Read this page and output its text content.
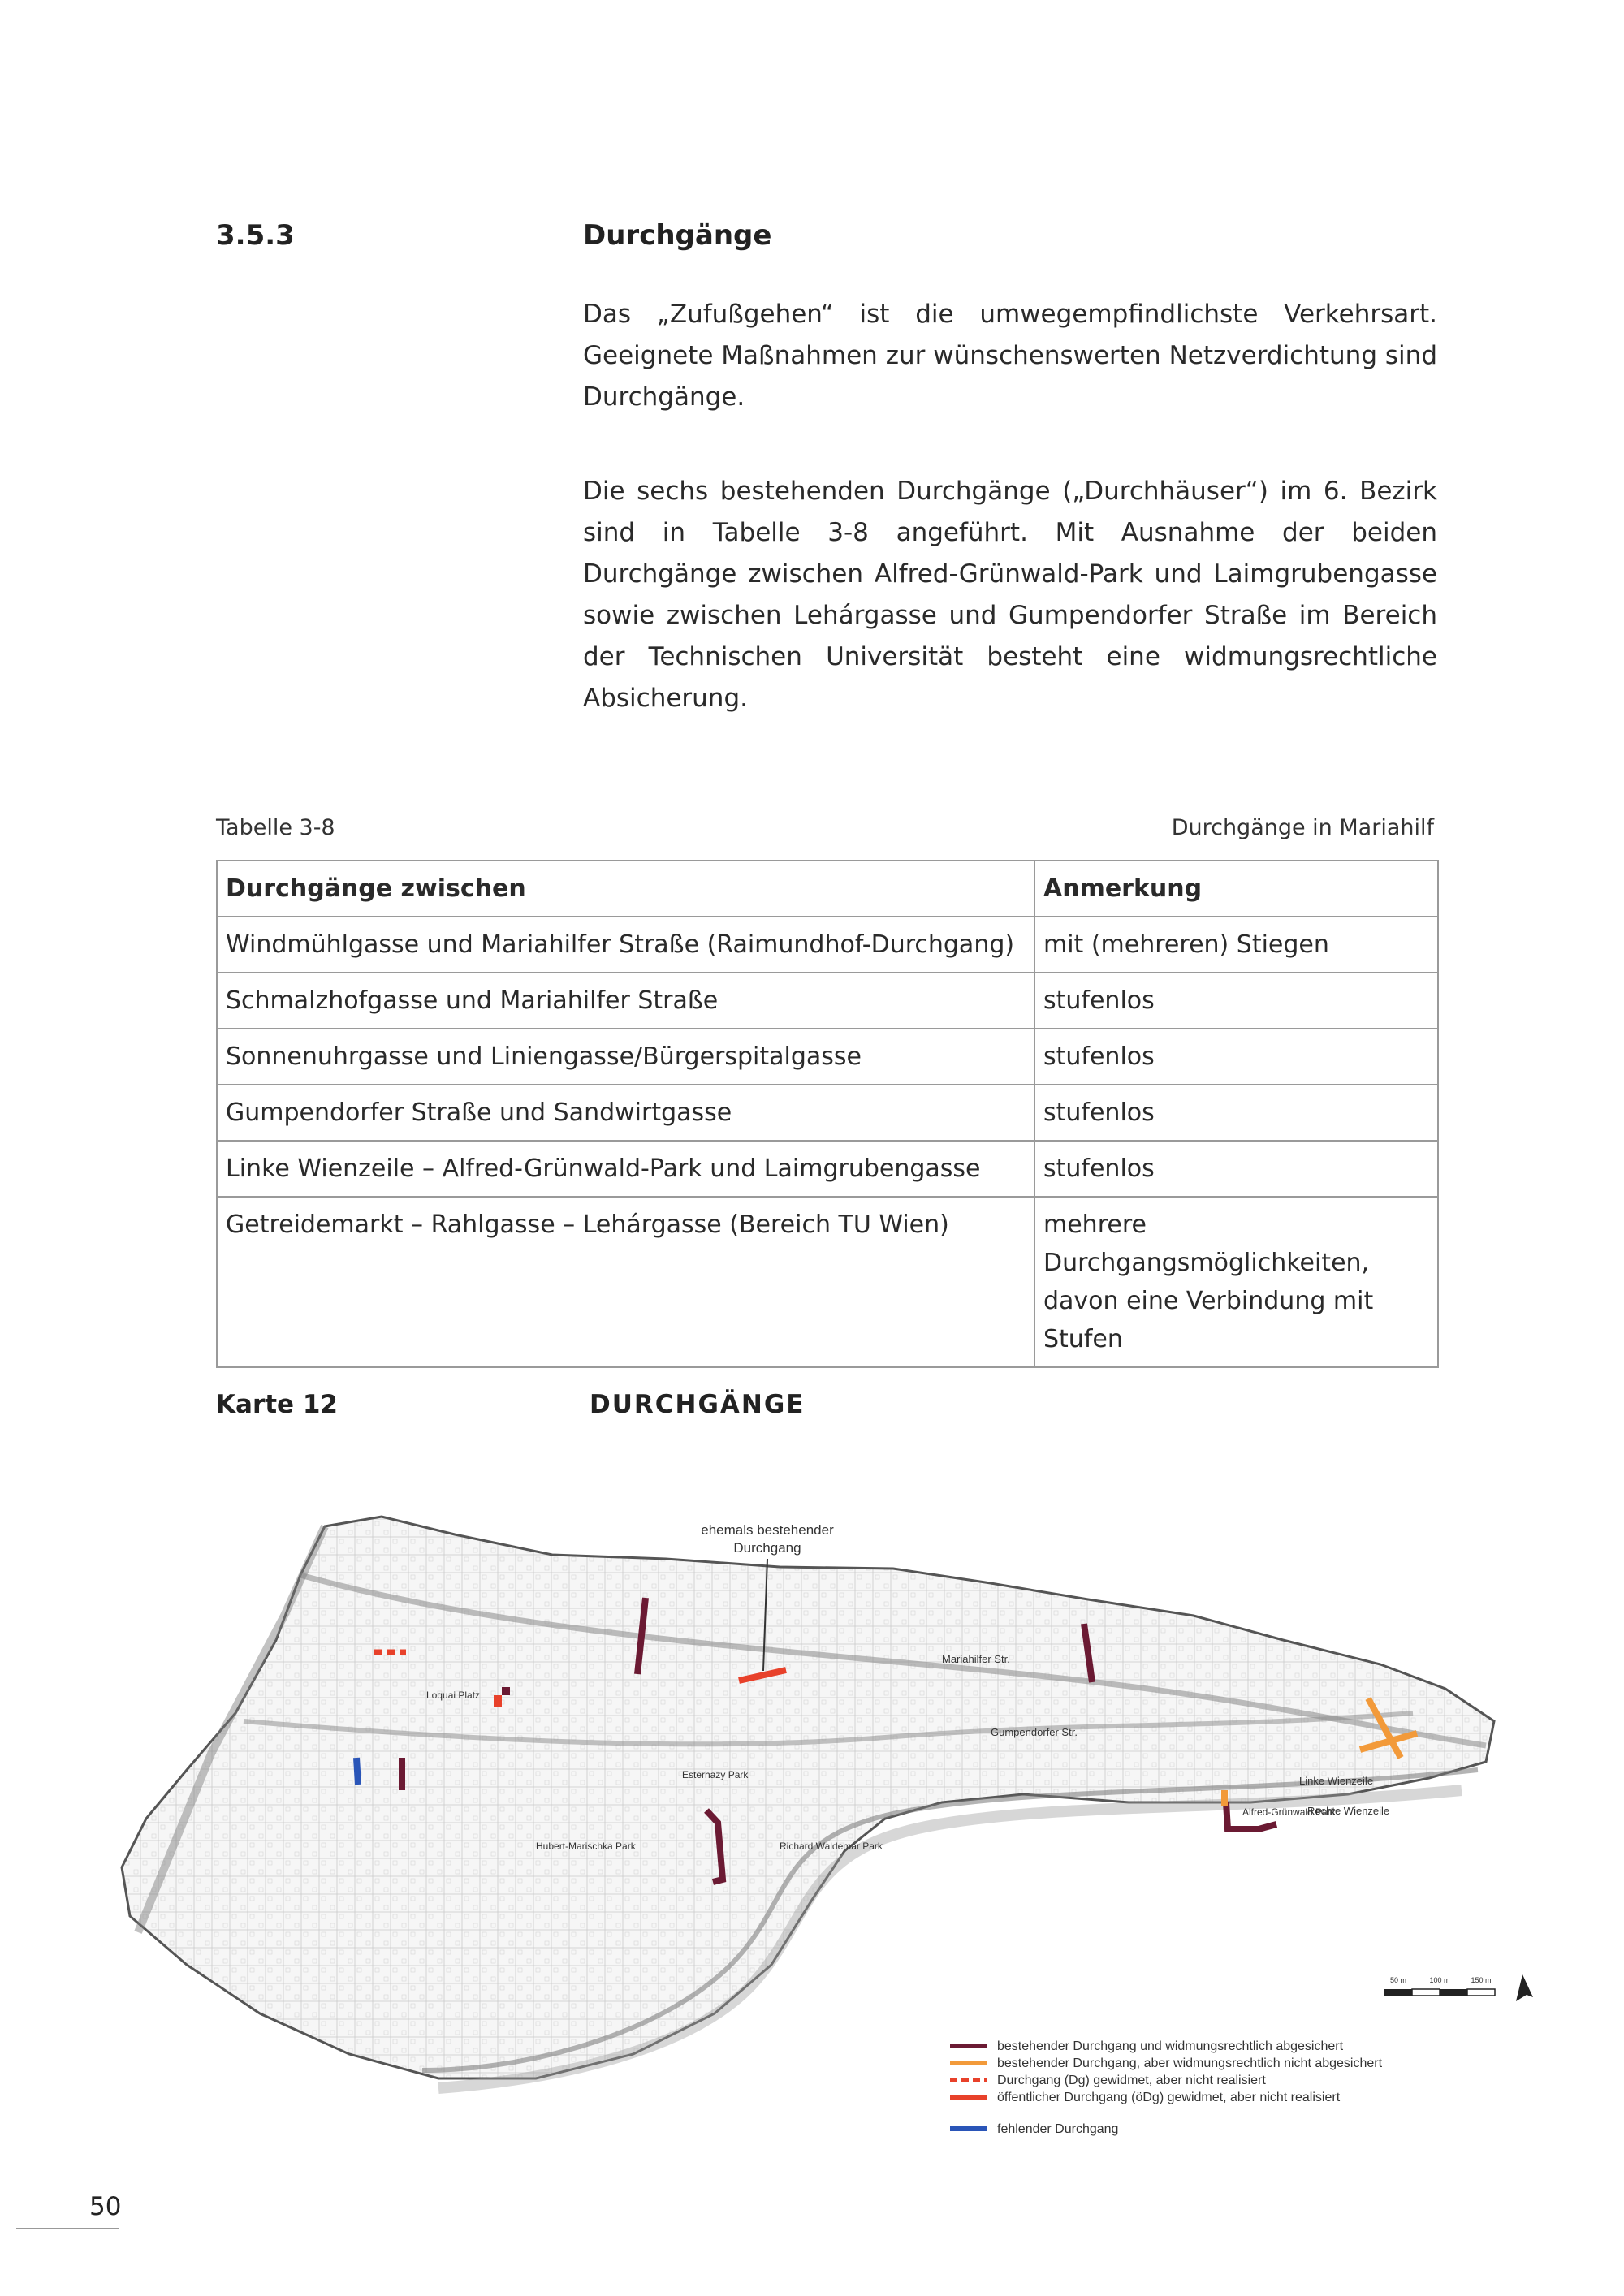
3.5.3	Durchgänge
Das „Zufußgehen“ ist die umwegempfindlichste Verkehrsart. Geeignete Maßnahmen zur wünschenswerten Netzverdichtung sind Durchgänge.
Die sechs bestehenden Durchgänge („Durchhäuser“) im 6. Bezirk sind in Tabelle 3-8 angeführt. Mit Ausnahme der beiden Durchgänge zwischen Alfred-Grünwald-Park und Laimgrubengasse sowie zwischen Lehárgasse und Gumpendorfer Straße im Bereich der Technischen Universität besteht eine widmungsrechtliche Absicherung.
Tabelle 3-8	Durchgänge in Mariahilf
Durchgänge zwischen	Anmerkung
Windmühlgasse und Mariahilfer Straße (Raimundhof-Durchgang)	mit (mehreren) Stiegen
Schmalzhofgasse und Mariahilfer Straße	stufenlos
Sonnenuhrgasse und Liniengasse/Bürgerspitalgasse	stufenlos
Gumpendorfer Straße und Sandwirtgasse	stufenlos
Linke Wienzeile – Alfred-Grünwald-Park und Laimgrubengasse	stufenlos
Getreidemarkt – Rahlgasse – Lehárgasse (Bereich TU Wien)	mehrere Durchgangsmöglichkeiten, davon eine Verbindung mit Stufen
Karte 12	DURCHGÄNGE
ehemals bestehender
Durchgang
Mariahilfer Str.
Gumpendorfer Str.
Linke Wienzeile
Rechte Wienzeile
Alfred-Grünwald Park
Richard Waldemar Park
Esterhazy Park
Hubert-Marischka Park
Loquai Platz
50 m	100 m	150 m
bestehender Durchgang und widmungsrechtlich abgesichert
bestehender Durchgang, aber widmungsrechtlich nicht abgesichert
Durchgang (Dg) gewidmet, aber nicht realisiert
öffentlicher Durchgang (öDg) gewidmet, aber nicht realisiert
fehlender Durchgang
50
